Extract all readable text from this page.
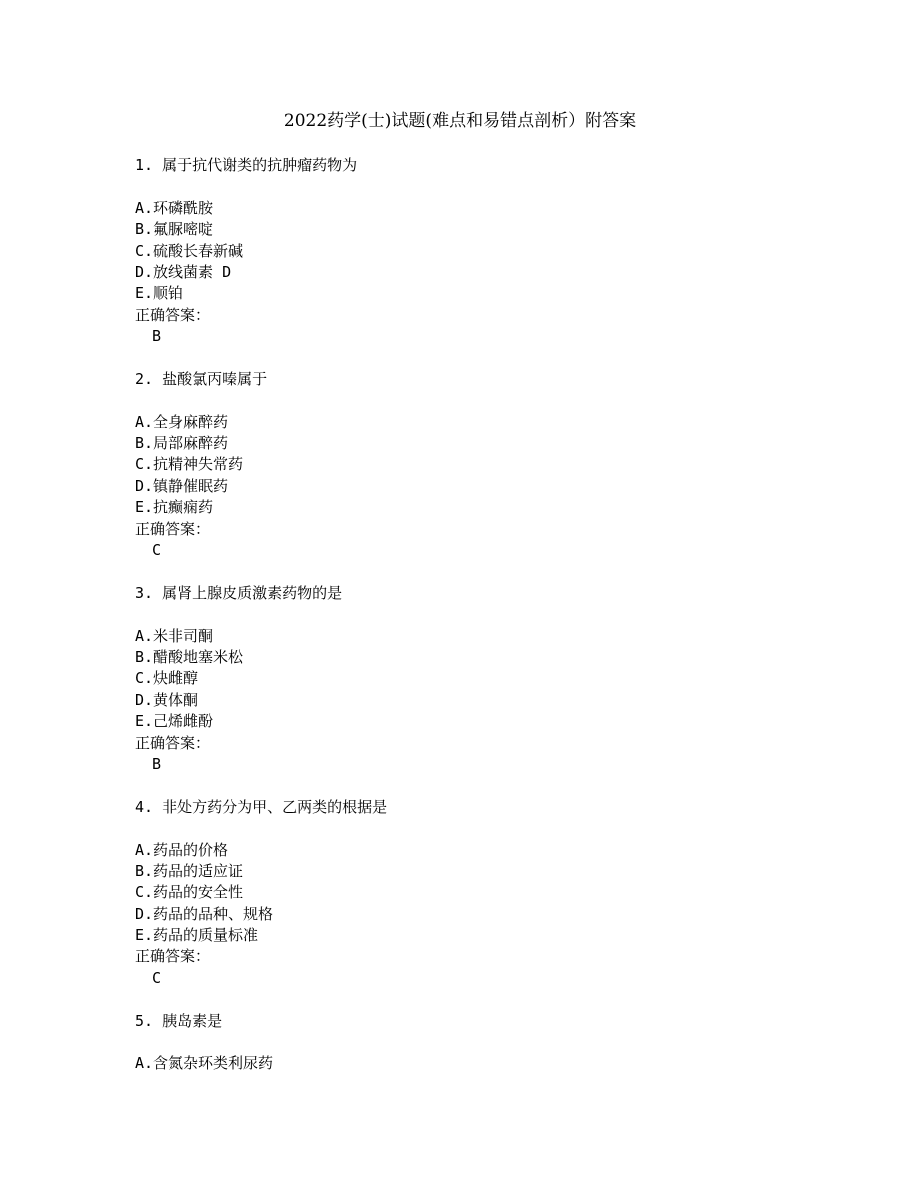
2022药学(士)试题(难点和易错点剖析）附答案
1. 属于抗代谢类的抗肿瘤药物为
A.环磷酰胺
B.氟脲嘧啶
C.硫酸长春新碱
D.放线菌素 D
E.顺铂
正确答案：
B
2. 盐酸氯丙嗪属于
A.全身麻醉药
B.局部麻醉药
C.抗精神失常药
D.镇静催眠药
E.抗癫痫药
正确答案：
C
3. 属肾上腺皮质激素药物的是
A.米非司酮
B.醋酸地塞米松
C.炔雌醇
D.黄体酮
E.己烯雌酚
正确答案：
B
4. 非处方药分为甲、乙两类的根据是
A.药品的价格
B.药品的适应证
C.药品的安全性
D.药品的品种、规格
E.药品的质量标准
正确答案：
C
5. 胰岛素是
A.含氮杂环类利尿药
